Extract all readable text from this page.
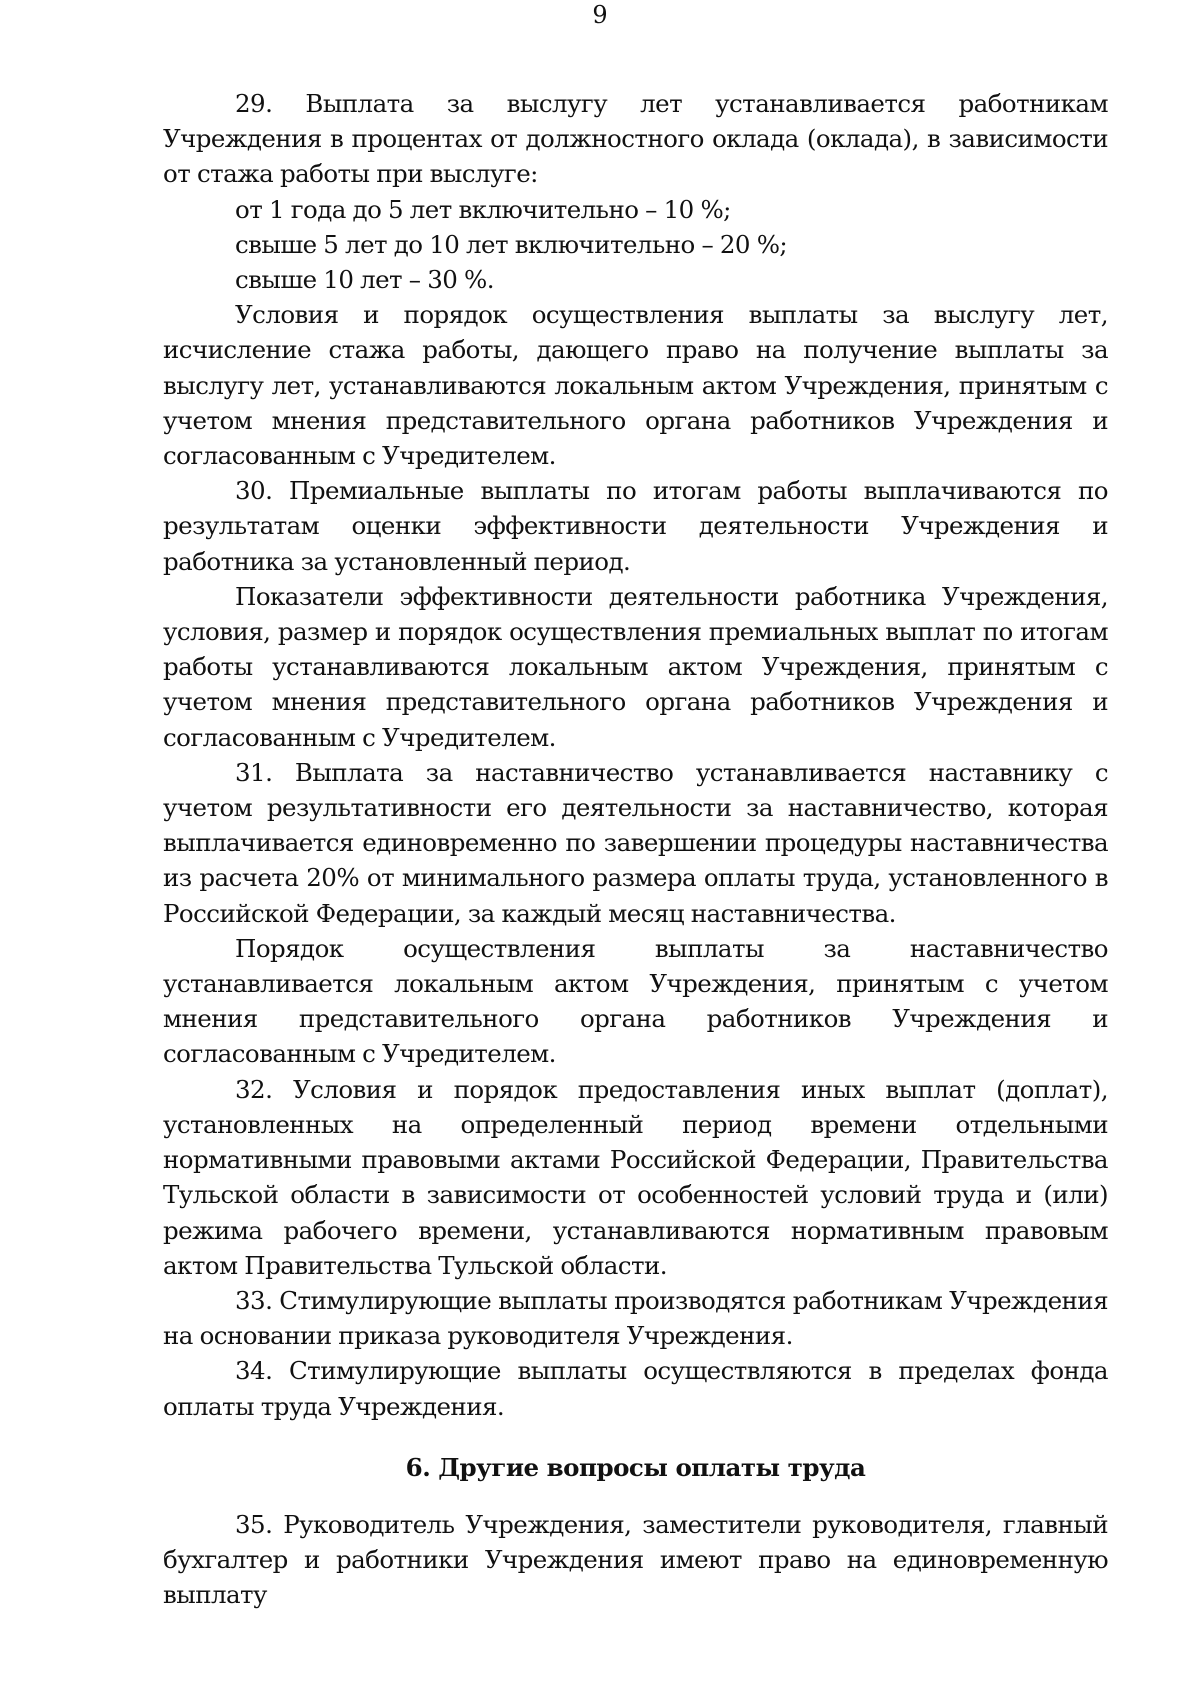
9

29. Выплата за выслугу лет устанавливается работникам Учреждения в процентах от должностного оклада (оклада), в зависимости от стажа работы при выслуге:

от 1 года до 5 лет включительно – 10 %;

свыше 5 лет до 10 лет включительно – 20 %;

свыше 10 лет – 30 %.

Условия и порядок осуществления выплаты за выслугу лет, исчисление стажа работы, дающего право на получение выплаты за выслугу лет, устанавливаются локальным актом Учреждения, принятым с учетом мнения представительного органа работников Учреждения и согласованным с Учредителем.

30. Премиальные выплаты по итогам работы выплачиваются по результатам оценки эффективности деятельности Учреждения и работника за установленный период.

Показатели эффективности деятельности работника Учреждения, условия, размер и порядок осуществления премиальных выплат по итогам работы устанавливаются локальным актом Учреждения, принятым с учетом мнения представительного органа работников Учреждения и согласованным с Учредителем.

31. Выплата за наставничество устанавливается наставнику с учетом результативности его деятельности за наставничество, которая выплачивается единовременно по завершении процедуры наставничества из расчета 20% от минимального размера оплаты труда, установленного в Российской Федерации, за каждый месяц наставничества.

Порядок осуществления выплаты за наставничество устанавливается локальным актом Учреждения, принятым с учетом мнения представительного органа работников Учреждения и согласованным с Учредителем.

32. Условия и порядок предоставления иных выплат (доплат), установленных на определенный период времени отдельными нормативными правовыми актами Российской Федерации, Правительства Тульской области в зависимости от особенностей условий труда и (или) режима рабочего времени, устанавливаются нормативным правовым актом Правительства Тульской области.

33. Стимулирующие выплаты производятся работникам Учреждения на основании приказа руководителя Учреждения.

34. Стимулирующие выплаты осуществляются в пределах фонда оплаты труда Учреждения.

6. Другие вопросы оплаты труда

35. Руководитель Учреждения, заместители руководителя, главный бухгалтер и работники Учреждения имеют право на единовременную выплату
